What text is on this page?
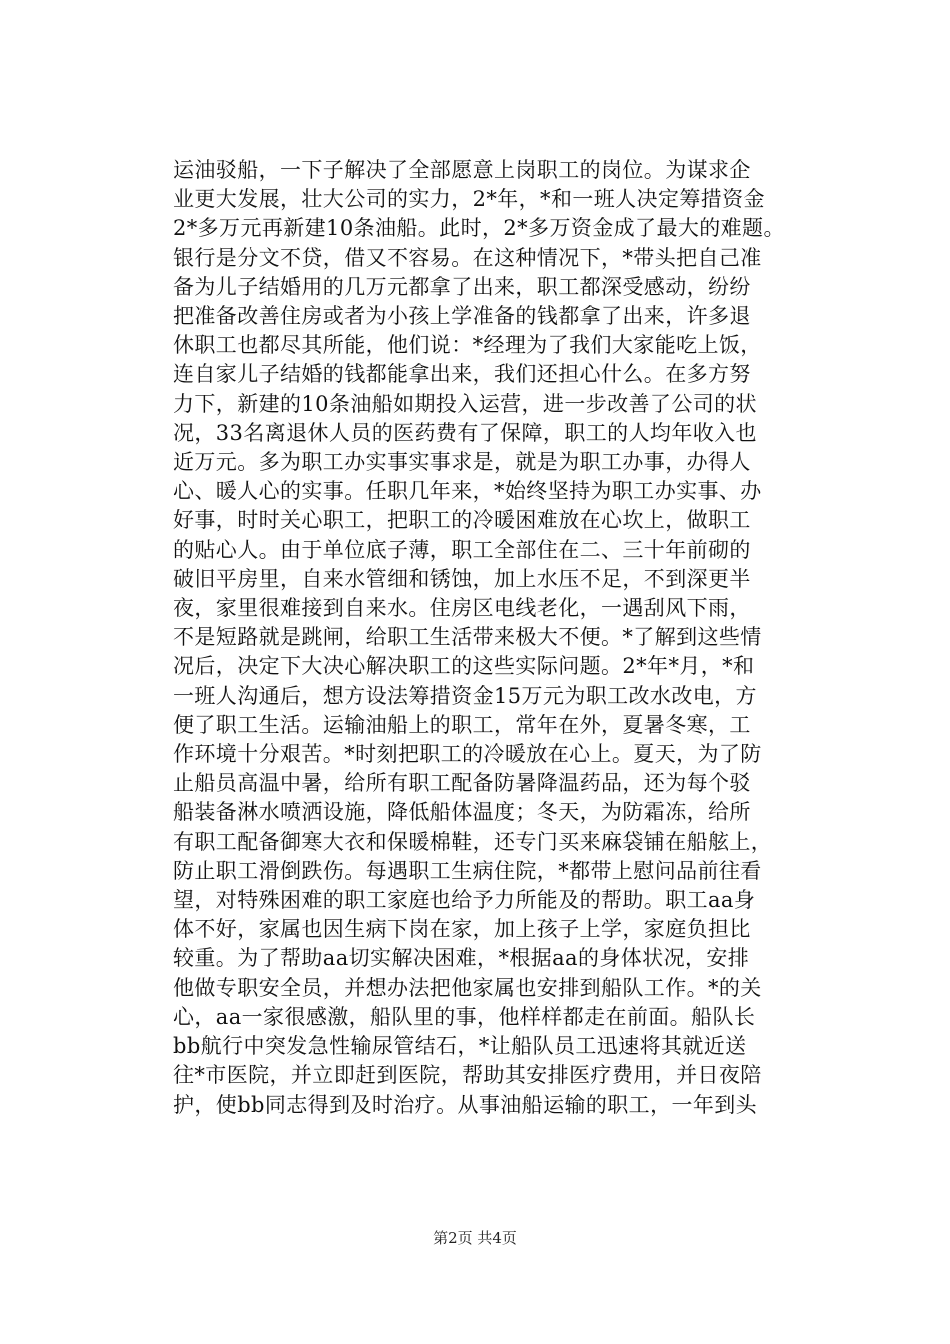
运油驳船，一下子解决了全部愿意上岗职工的岗位。为谋求企
业更大发展，壮大公司的实力，2*年，*和一班人决定筹措资金
2*多万元再新建10条油船。此时，2*多万资金成了最大的难题。
银行是分文不贷，借又不容易。在这种情况下，*带头把自己准
备为儿子结婚用的几万元都拿了出来，职工都深受感动，纷纷
把准备改善住房或者为小孩上学准备的钱都拿了出来，许多退
休职工也都尽其所能，他们说：*经理为了我们大家能吃上饭，
连自家儿子结婚的钱都能拿出来，我们还担心什么。在多方努
力下，新建的10条油船如期投入运营，进一步改善了公司的状
况，33名离退休人员的医药费有了保障，职工的人均年收入也
近万元。多为职工办实事实事求是，就是为职工办事，办得人
心、暖人心的实事。任职几年来，*始终坚持为职工办实事、办
好事，时时关心职工，把职工的冷暖困难放在心坎上，做职工
的贴心人。由于单位底子薄，职工全部住在二、三十年前砌的
破旧平房里，自来水管细和锈蚀，加上水压不足，不到深更半
夜，家里很难接到自来水。住房区电线老化，一遇刮风下雨，
不是短路就是跳闸，给职工生活带来极大不便。*了解到这些情
况后，决定下大决心解决职工的这些实际问题。2*年*月，*和
一班人沟通后，想方设法筹措资金15万元为职工改水改电，方
便了职工生活。运输油船上的职工，常年在外，夏暑冬寒，工
作环境十分艰苦。*时刻把职工的冷暖放在心上。夏天，为了防
止船员高温中暑，给所有职工配备防暑降温药品，还为每个驳
船装备淋水喷洒设施，降低船体温度；冬天，为防霜冻，给所
有职工配备御寒大衣和保暖棉鞋，还专门买来麻袋铺在船舷上，
防止职工滑倒跌伤。每遇职工生病住院，*都带上慰问品前往看
望，对特殊困难的职工家庭也给予力所能及的帮助。职工aa身
体不好，家属也因生病下岗在家，加上孩子上学，家庭负担比
较重。为了帮助aa切实解决困难，*根据aa的身体状况，安排
他做专职安全员，并想办法把他家属也安排到船队工作。*的关
心，aa一家很感激，船队里的事，他样样都走在前面。船队长
bb航行中突发急性输尿管结石，*让船队员工迅速将其就近送
往*市医院，并立即赶到医院，帮助其安排医疗费用，并日夜陪
护，使bb同志得到及时治疗。从事油船运输的职工，一年到头
第2页 共4页
